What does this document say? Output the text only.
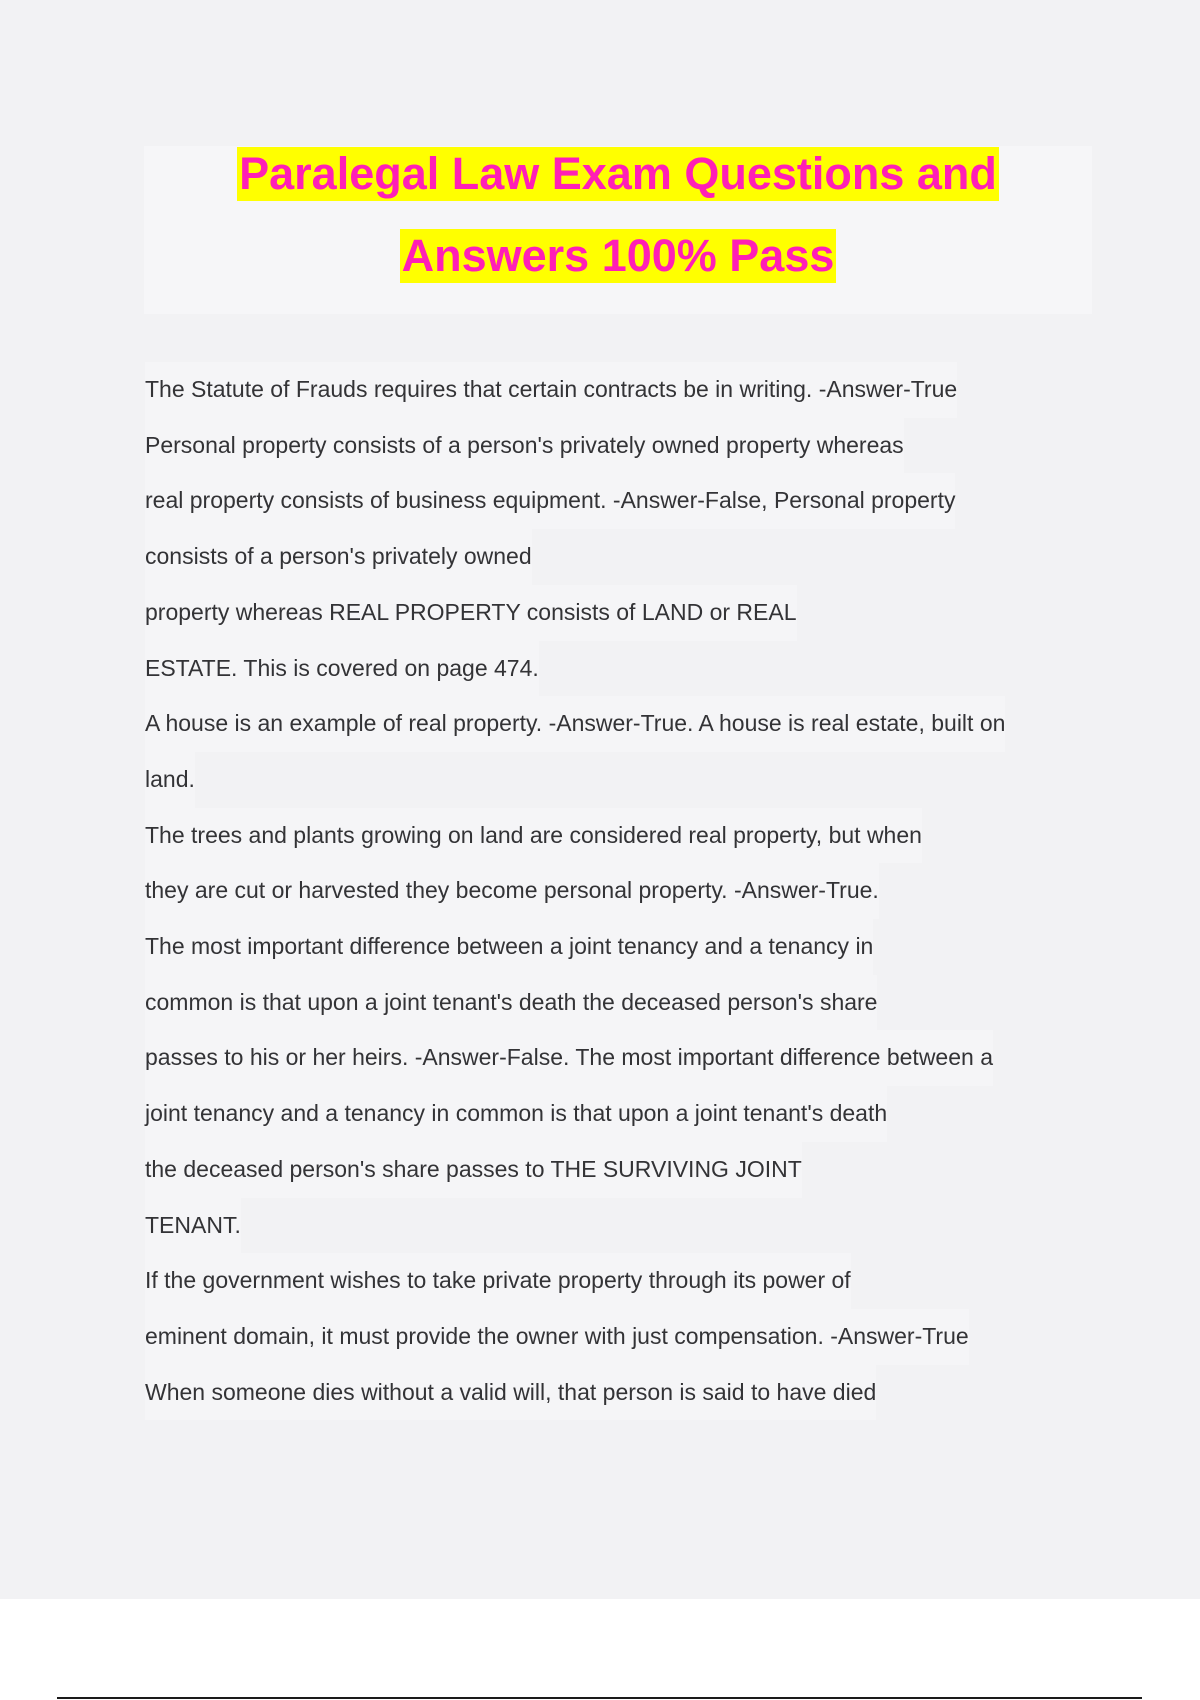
Paralegal Law Exam Questions and
Answers 100% Pass

The Statute of Frauds requires that certain contracts be in writing. -Answer-True

Personal property consists of a person's privately owned property whereas

real property consists of business equipment. -Answer-False, Personal property

consists of a person's privately owned

property whereas REAL PROPERTY consists of LAND or REAL

ESTATE. This is covered on page 474.

A house is an example of real property. -Answer-True. A house is real estate, built on

land.

The trees and plants growing on land are considered real property, but when

they are cut or harvested they become personal property. -Answer-True.

The most important difference between a joint tenancy and a tenancy in

common is that upon a joint tenant's death the deceased person's share

passes to his or her heirs. -Answer-False. The most important difference between a

joint tenancy and a tenancy in common is that upon a joint tenant's death

the deceased person's share passes to THE SURVIVING JOINT

TENANT.

If the government wishes to take private property through its power of

eminent domain, it must provide the owner with just compensation. -Answer-True

When someone dies without a valid will, that person is said to have died
